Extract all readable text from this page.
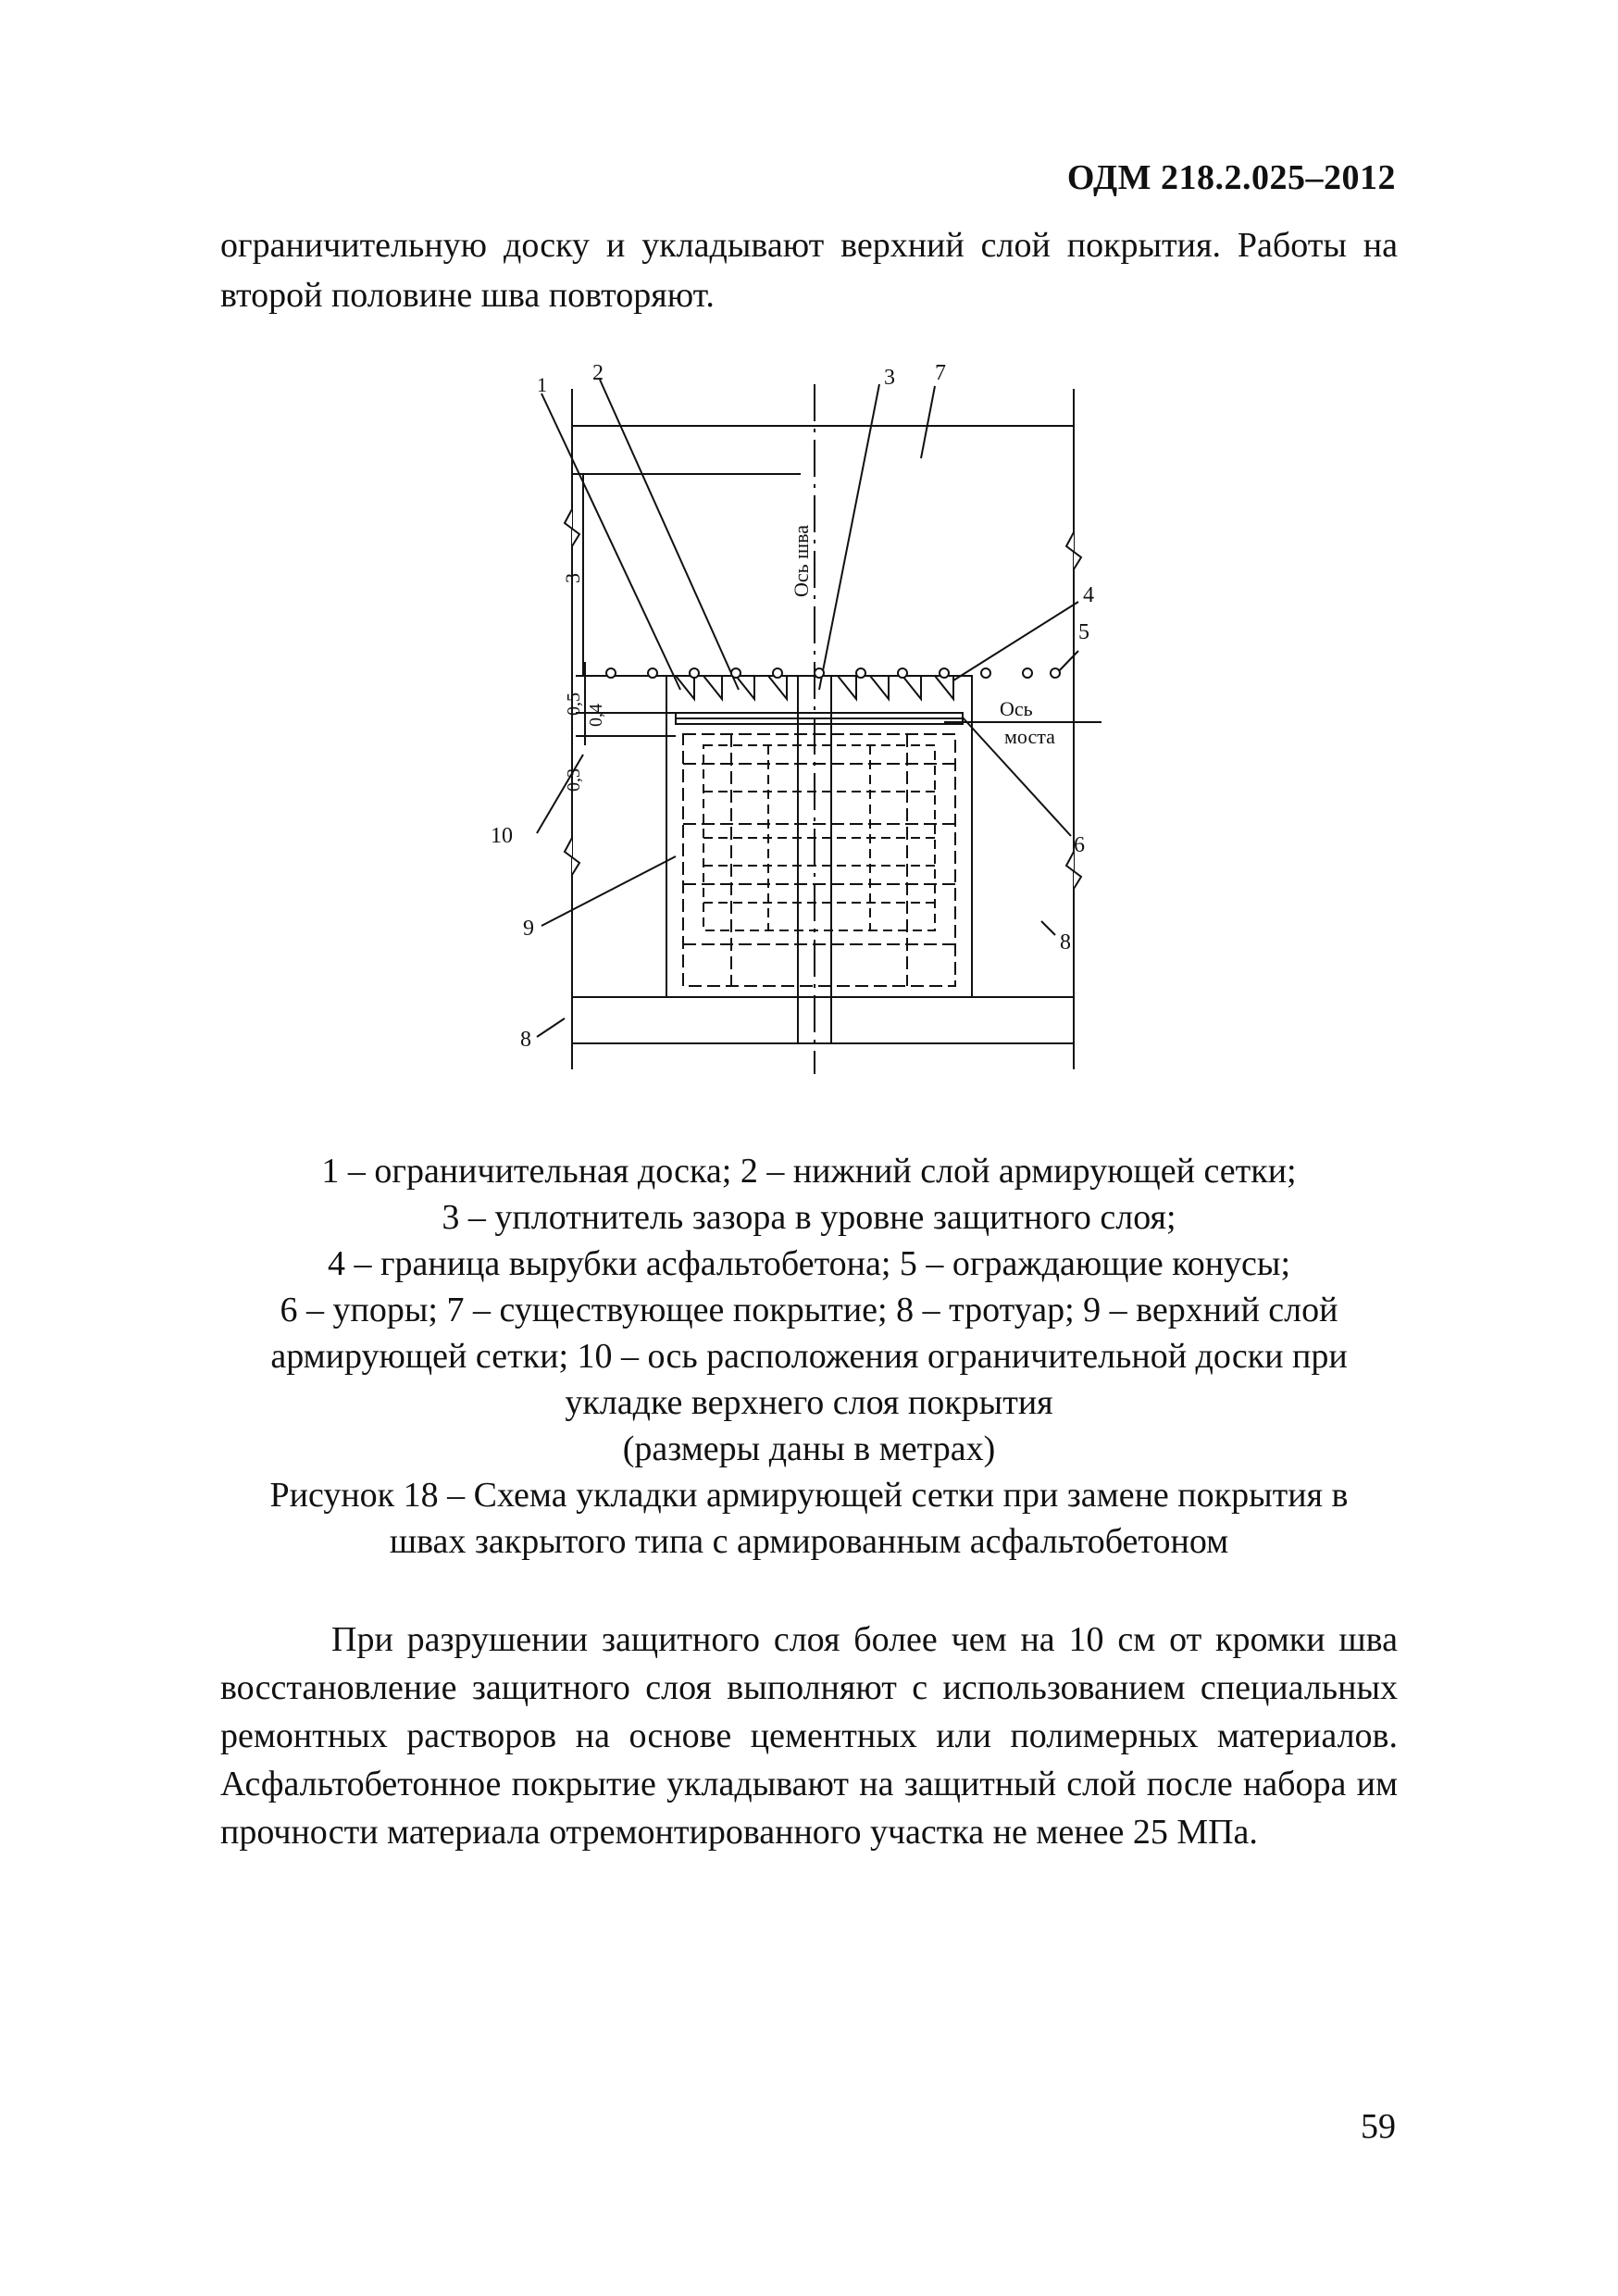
ОДМ 218.2.025–2012

ограничительную доску и укладывают верхний слой покрытия. Работы на второй половине шва повторяют.

1 2	3 7
4
5
6
8
8
9
10
3
0,5 0,4
0,3
Ось шва
Ось
моста
1 – ограничительная доска; 2 – нижний слой армирующей сетки;
3 – уплотнитель зазора в уровне защитного слоя;
4 – граница вырубки асфальтобетона; 5 – ограждающие конусы;
6 – упоры; 7 – существующее покрытие; 8 – тротуар; 9 – верхний слой
армирующей сетки; 10 – ось расположения ограничительной доски при
укладке верхнего слоя покрытия
(размеры даны в метрах)
Рисунок 18 – Схема укладки армирующей сетки при замене покрытия в
швах закрытого типа с армированным асфальтобетоном
При разрушении защитного слоя более чем на 10 см от кромки шва восстановление защитного слоя выполняют с использованием специальных ремонтных растворов на основе цементных или полимерных материалов. Асфальтобетонное покрытие укладывают на защитный слой после набора им прочности материала отремонтированного участка не менее 25 МПа.
59
